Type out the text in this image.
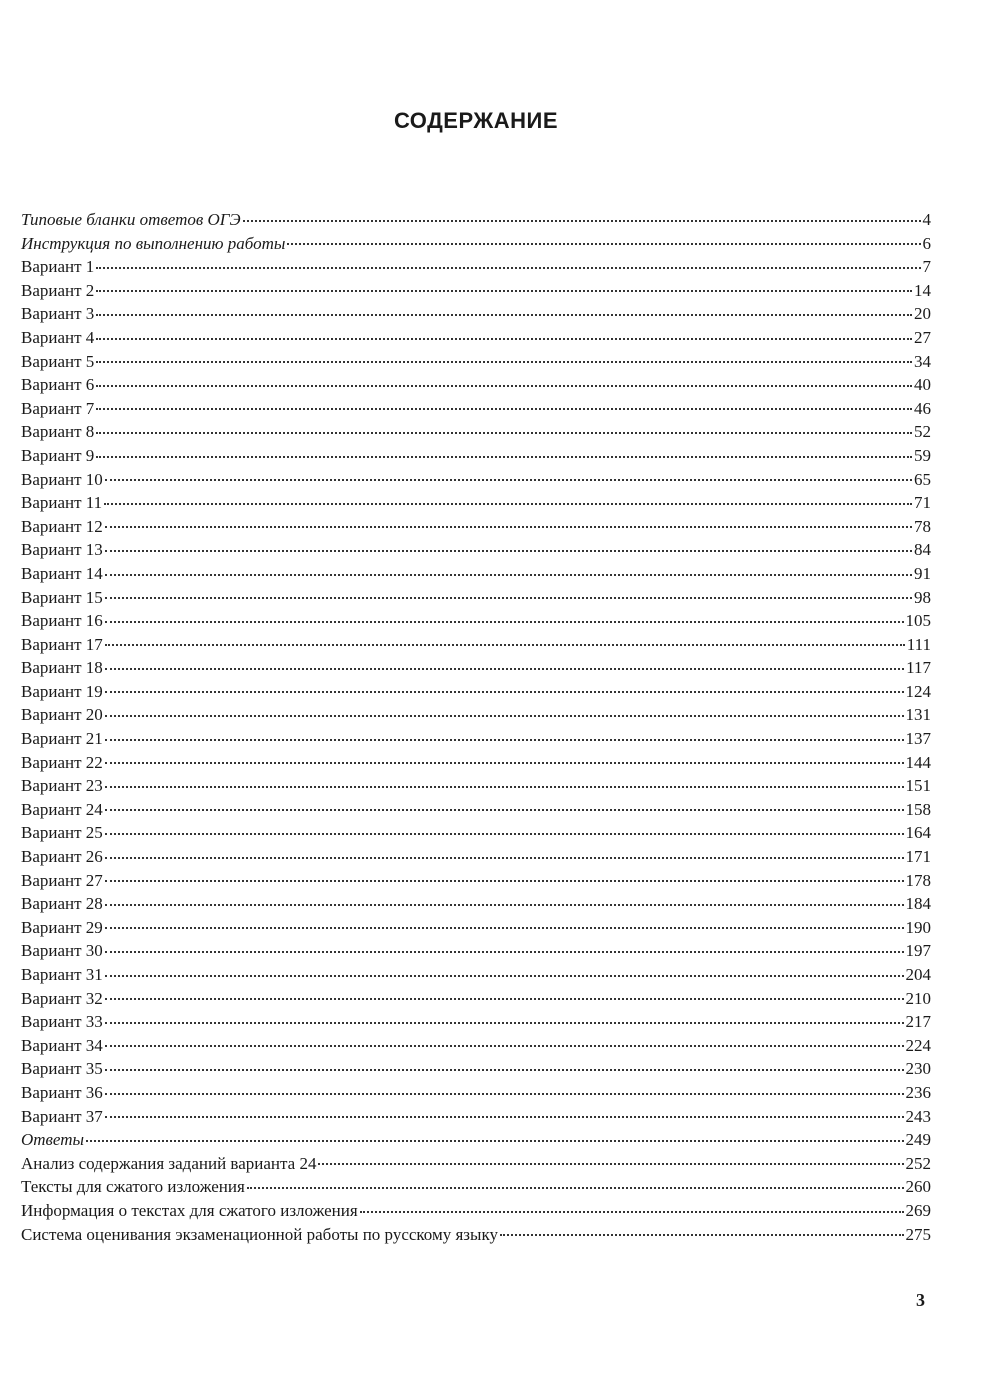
СОДЕРЖАНИЕ
Типовые бланки ответов ОГЭ	4
Инструкция по выполнению работы	6
Вариант 1	7
Вариант 2	14
Вариант 3	20
Вариант 4	27
Вариант 5	34
Вариант 6	40
Вариант 7	46
Вариант 8	52
Вариант 9	59
Вариант 10	65
Вариант 11	71
Вариант 12	78
Вариант 13	84
Вариант 14	91
Вариант 15	98
Вариант 16	105
Вариант 17	111
Вариант 18	117
Вариант 19	124
Вариант 20	131
Вариант 21	137
Вариант 22	144
Вариант 23	151
Вариант 24	158
Вариант 25	164
Вариант 26	171
Вариант 27	178
Вариант 28	184
Вариант 29	190
Вариант 30	197
Вариант 31	204
Вариант 32	210
Вариант 33	217
Вариант 34	224
Вариант 35	230
Вариант 36	236
Вариант 37	243
Ответы	249
Анализ содержания заданий варианта 24	252
Тексты для сжатого изложения	260
Информация о текстах для сжатого изложения	269
Система оценивания экзаменационной работы по русскому языку	275
3
